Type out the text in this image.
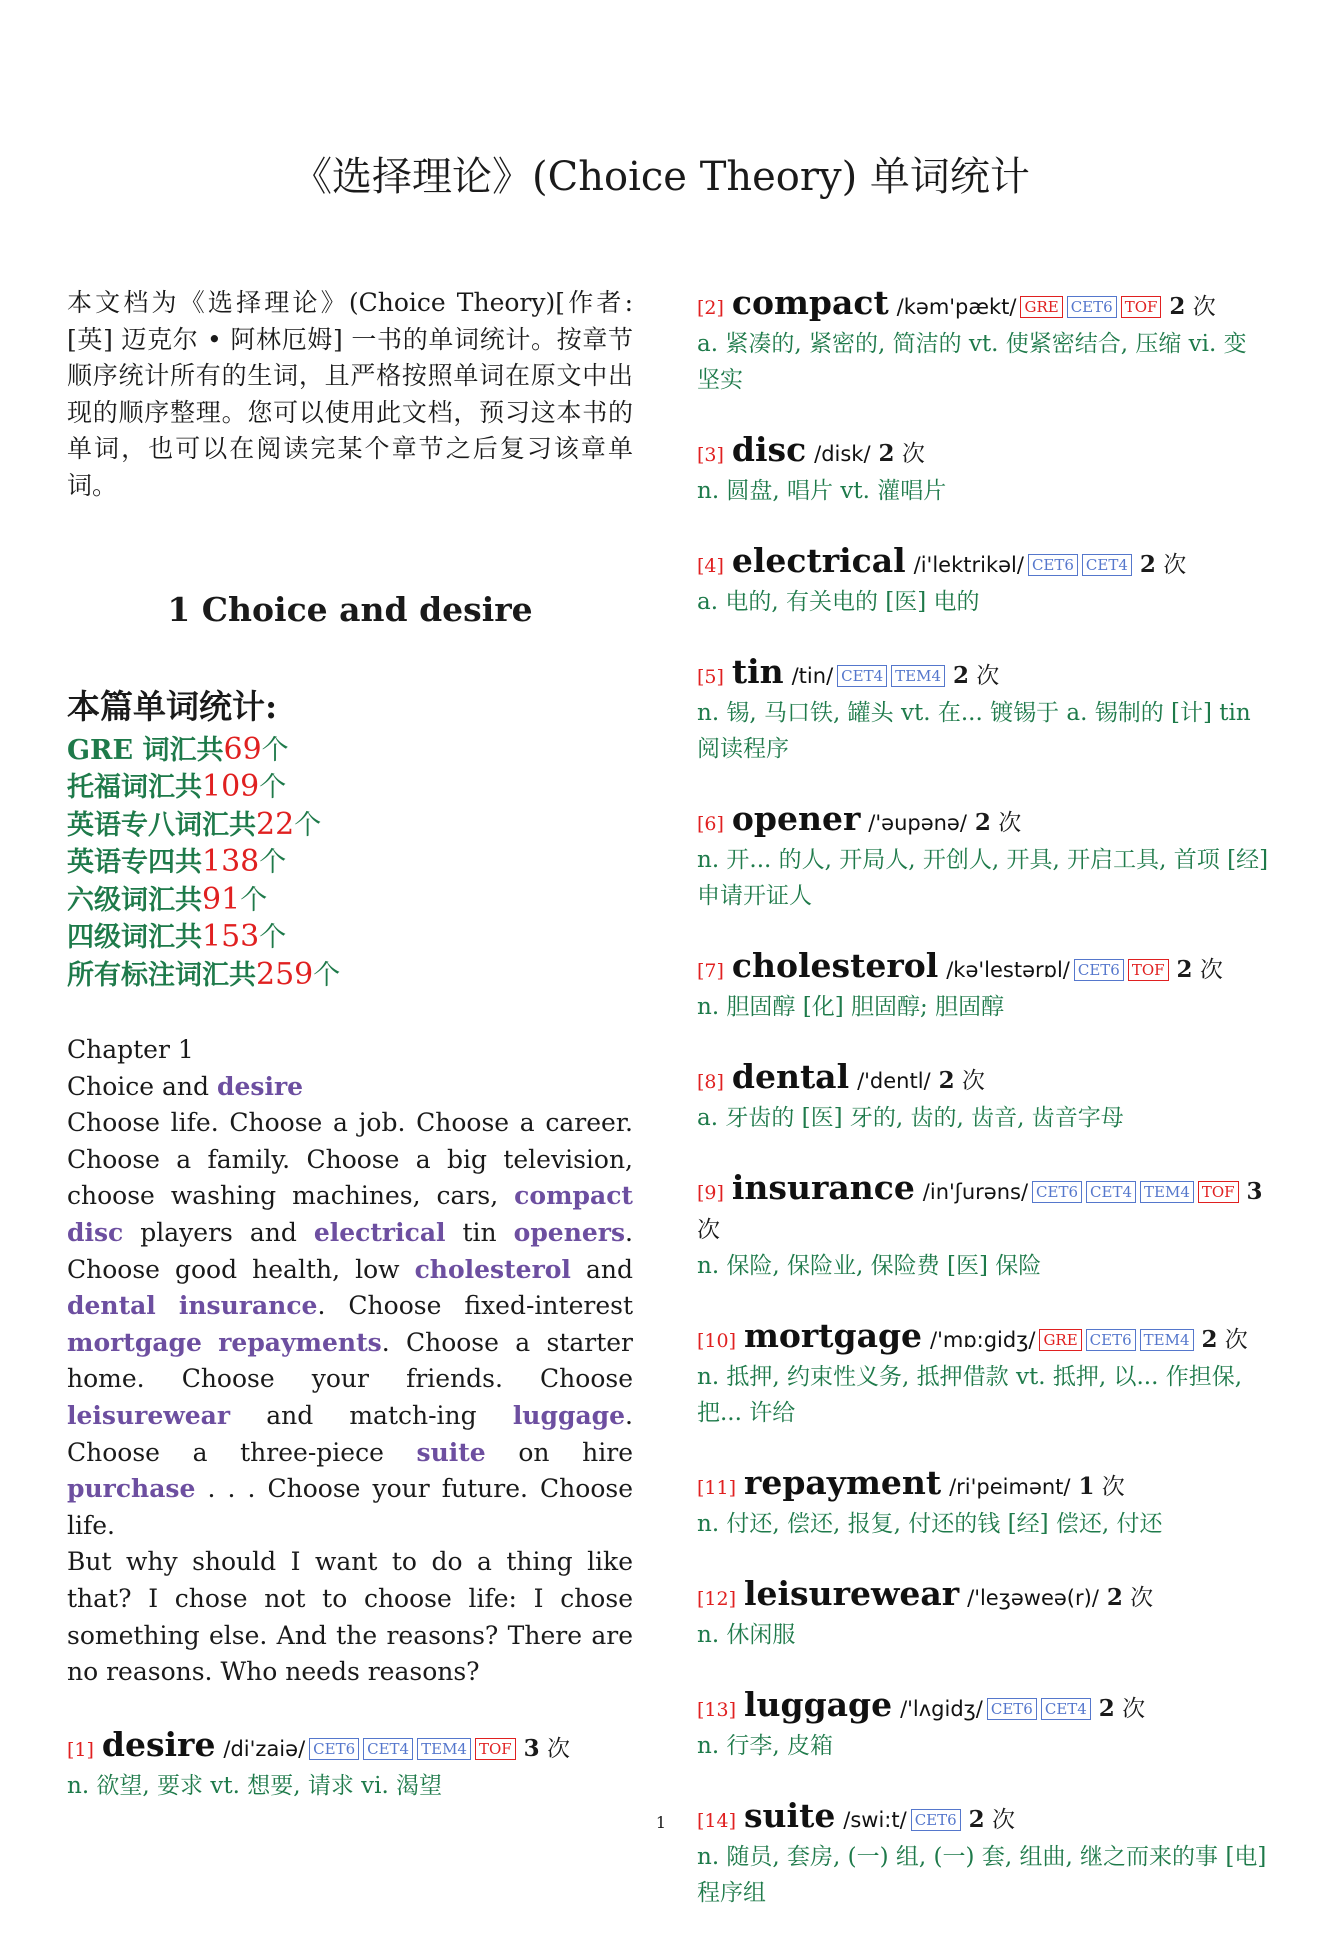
《选择理论》(Choice Theory) 单词统计

本文档为《选择理论》(Choice Theory)[作者: [英] 迈克尔 • 阿林厄姆] 一书的单词统计。按章节顺序统计所有的生词，且严格按照单词在原文中出现的顺序整理。您可以使用此文档，预习这本书的单词，也可以在阅读完某个章节之后复习该章单词。

1 Choice and desire
本篇单词统计:
GRE 词汇共69个
托福词汇共109个
英语专八词汇共22个
英语专四共138个
六级词汇共91个
四级词汇共153个
所有标注词汇共259个

Chapter 1

Choice and desire

Choose life. Choose a job. Choose a career. Choose a family. Choose a big television, choose washing machines, cars, compact disc players and electrical tin openers. Choose good health, low cholesterol and dental insurance. Choose fixed-interest mortgage repayments. Choose a starter home. Choose your friends. Choose leisurewear and match-ing luggage. Choose a three-piece suite on hire purchase . . . Choose your future. Choose life.

But why should I want to do a thing like that? I chose not to choose life: I chose something else. And the reasons? There are no reasons. Who needs reasons?

[1] desire /di'zaiə/ CET6 CET4 TEM4 TOF 3 次
n. 欲望, 要求 vt. 想要, 请求 vi. 渴望
[2] compact /kəm'pækt/ GRE CET6 TOF 2 次
a. 紧凑的, 紧密的, 简洁的 vt. 使紧密结合, 压缩 vi. 变坚实
[3] disc /disk/ 2 次
n. 圆盘, 唱片 vt. 灌唱片
[4] electrical /i'lektrikəl/ CET6 CET4 2 次
a. 电的, 有关电的 [医] 电的
[5] tin /tin/ CET4 TEM4 2 次
n. 锡, 马口铁, 罐头 vt. 在... 镀锡于 a. 锡制的 [计] tin 阅读程序
[6] opener /'əupənə/ 2 次
n. 开... 的人, 开局人, 开创人, 开具, 开启工具, 首项 [经] 申请开证人
[7] cholesterol /kə'lestərɒl/ CET6 TOF 2 次
n. 胆固醇 [化] 胆固醇; 胆固醇
[8] dental /'dentl/ 2 次
a. 牙齿的 [医] 牙的, 齿的, 齿音, 齿音字母
[9] insurance /in'ʃurəns/ CET6 CET4 TEM4 TOF 3 次
n. 保险, 保险业, 保险费 [医] 保险
[10] mortgage /'mɒ:gidʒ/ GRE CET6 TEM4 2 次
n. 抵押, 约束性义务, 抵押借款 vt. 抵押, 以... 作担保, 把... 许给
[11] repayment /ri'peimənt/ 1 次
n. 付还, 偿还, 报复, 付还的钱 [经] 偿还, 付还
[12] leisurewear /'leʒəweə(r)/ 2 次
n. 休闲服
[13] luggage /'lʌgidʒ/ CET6 CET4 2 次
n. 行李, 皮箱
[14] suite /swi:t/ CET6 2 次
n. 随员, 套房, (一) 组, (一) 套, 组曲, 继之而来的事 [电] 程序组
1
